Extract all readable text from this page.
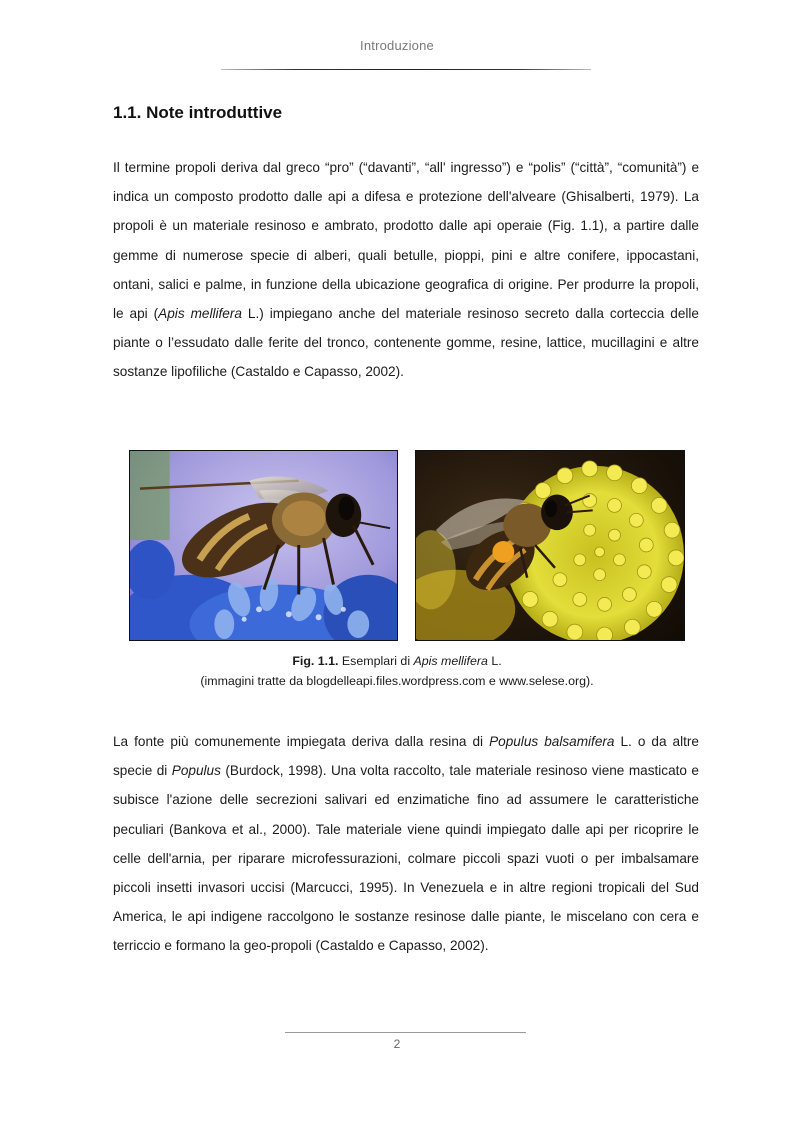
Introduzione
1.1. Note introduttive

Il termine propoli deriva dal greco “pro” (“davanti”, “all' ingresso”) e “polis” (“città”, “comunità”) e indica un composto prodotto dalle api a difesa e protezione dell'alveare (Ghisalberti, 1979). La propoli è un materiale resinoso e ambrato, prodotto dalle api operaie (Fig. 1.1), a partire dalle gemme di numerose specie di alberi, quali betulle, pioppi, pini e altre conifere, ippocastani, ontani, salici e palme, in funzione della ubicazione geografica di origine. Per produrre la propoli, le api (Apis mellifera L.) impiegano anche del materiale resinoso secreto dalla corteccia delle piante o l’essudato dalle ferite del tronco, contenente gomme, resine, lattice, mucillagini e altre sostanze lipofiliche (Castaldo e Capasso, 2002).

Fig. 1.1. Esemplari di Apis mellifera L.
(immagini tratte da blogdelleapi.files.wordpress.com e www.selese.org).

La fonte più comunemente impiegata deriva dalla resina di Populus balsamifera L. o da altre specie di Populus (Burdock, 1998). Una volta raccolto, tale materiale resinoso viene masticato e subisce l'azione delle secrezioni salivari ed enzimatiche fino ad assumere le caratteristiche peculiari (Bankova et al., 2000). Tale materiale viene quindi impiegato dalle api per ricoprire le celle dell'arnia, per riparare microfessurazioni, colmare piccoli spazi vuoti o per imbalsamare piccoli insetti invasori uccisi (Marcucci, 1995). In Venezuela e in altre regioni tropicali del Sud America, le api indigene raccolgono le sostanze resinose dalle piante, le miscelano con cera e terriccio e formano la geo-propoli (Castaldo e Capasso, 2002).

2
